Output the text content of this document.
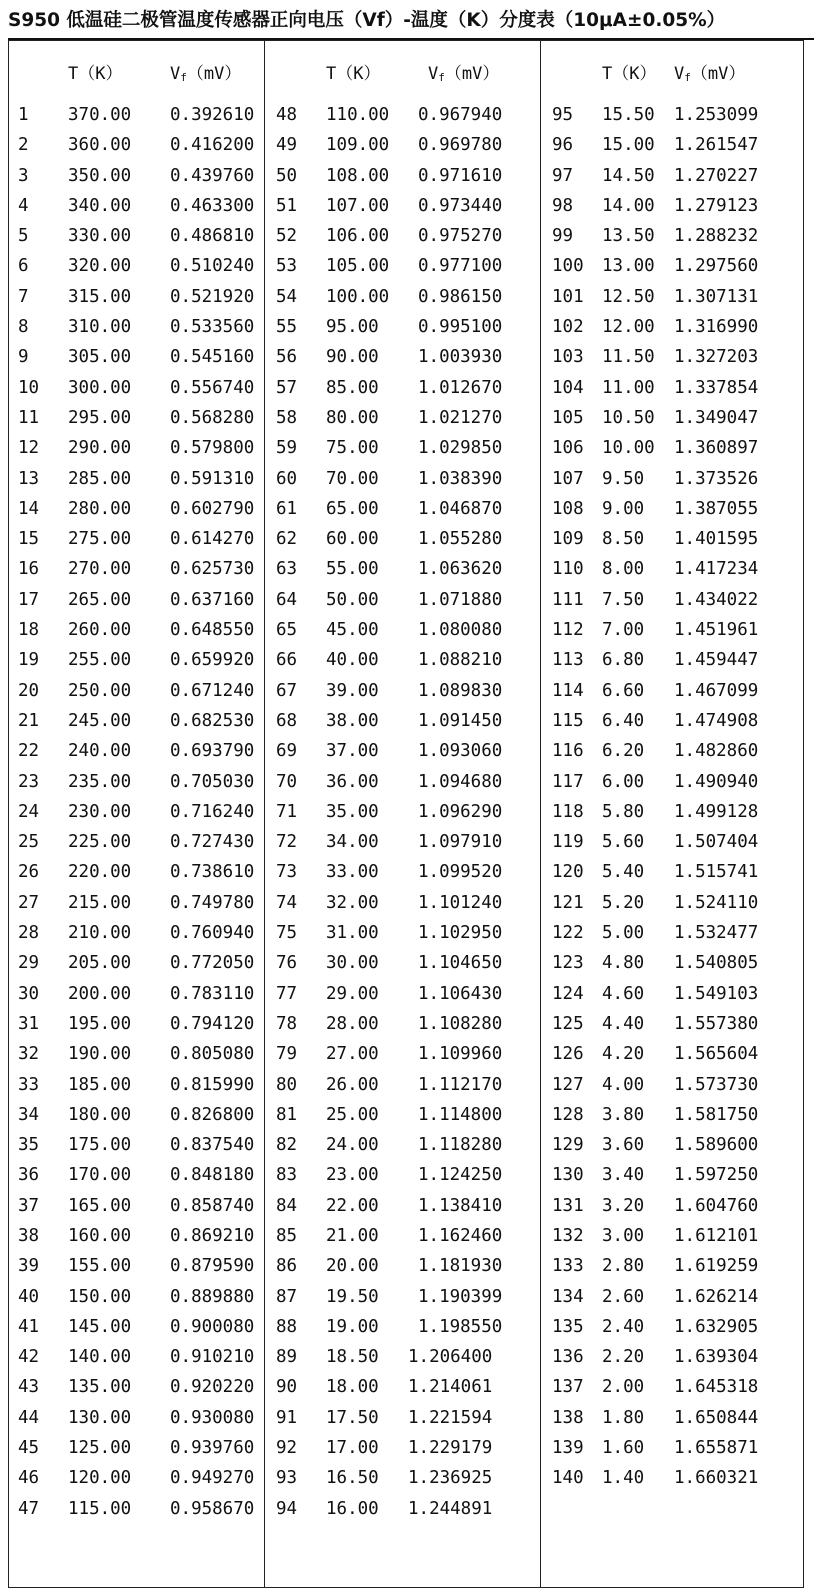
S950 低温硅二极管温度传感器正向电压（Vf）-温度（K）分度表（10μA±0.05%）
T（K）	Vf（mV）
1 370.00 0.392610
2 360.00 0.416200
3 350.00 0.439760
4 340.00 0.463300
5 330.00 0.486810
6 320.00 0.510240
7 315.00 0.521920
8 310.00 0.533560
9 305.00 0.545160
10 300.00 0.556740
11 295.00 0.568280
12 290.00 0.579800
13 285.00 0.591310
14 280.00 0.602790
15 275.00 0.614270
16 270.00 0.625730
17 265.00 0.637160
18 260.00 0.648550
19 255.00 0.659920
20 250.00 0.671240
21 245.00 0.682530
22 240.00 0.693790
23 235.00 0.705030
24 230.00 0.716240
25 225.00 0.727430
26 220.00 0.738610
27 215.00 0.749780
28 210.00 0.760940
29 205.00 0.772050
30 200.00 0.783110
31 195.00 0.794120
32 190.00 0.805080
33 185.00 0.815990
34 180.00 0.826800
35 175.00 0.837540
36 170.00 0.848180
37 165.00 0.858740
38 160.00 0.869210
39 155.00 0.879590
40 150.00 0.889880
41 145.00 0.900080
42 140.00 0.910210
43 135.00 0.920220
44 130.00 0.930080
45 125.00 0.939760
46 120.00 0.949270
47 115.00 0.958670
T（K）	Vf（mV）
48 110.00 0.967940
49 109.00 0.969780
50 108.00 0.971610
51 107.00 0.973440
52 106.00 0.975270
53 105.00 0.977100
54 100.00 0.986150
55 95.00 0.995100
56 90.00 1.003930
57 85.00 1.012670
58 80.00 1.021270
59 75.00 1.029850
60 70.00 1.038390
61 65.00 1.046870
62 60.00 1.055280
63 55.00 1.063620
64 50.00 1.071880
65 45.00 1.080080
66 40.00 1.088210
67 39.00 1.089830
68 38.00 1.091450
69 37.00 1.093060
70 36.00 1.094680
71 35.00 1.096290
72 34.00 1.097910
73 33.00 1.099520
74 32.00 1.101240
75 31.00 1.102950
76 30.00 1.104650
77 29.00 1.106430
78 28.00 1.108280
79 27.00 1.109960
80 26.00 1.112170
81 25.00 1.114800
82 24.00 1.118280
83 23.00 1.124250
84 22.00 1.138410
85 21.00 1.162460
86 20.00 1.181930
87 19.50 1.190399
88 19.00 1.198550
89 18.50 1.206400
90 18.00 1.214061
91 17.50 1.221594
92 17.00 1.229179
93 16.50 1.236925
94 16.00 1.244891
T（K） Vf（mV）
95 15.50 1.253099
96 15.00 1.261547
97 14.50 1.270227
98 14.00 1.279123
99 13.50 1.288232
100 13.00 1.297560
101 12.50 1.307131
102 12.00 1.316990
103 11.50 1.327203
104 11.00 1.337854
105 10.50 1.349047
106 10.00 1.360897
107 9.50 1.373526
108 9.00 1.387055
109 8.50 1.401595
110 8.00 1.417234
111 7.50 1.434022
112 7.00 1.451961
113 6.80 1.459447
114 6.60 1.467099
115 6.40 1.474908
116 6.20 1.482860
117 6.00 1.490940
118 5.80 1.499128
119 5.60 1.507404
120 5.40 1.515741
121 5.20 1.524110
122 5.00 1.532477
123 4.80 1.540805
124 4.60 1.549103
125 4.40 1.557380
126 4.20 1.565604
127 4.00 1.573730
128 3.80 1.581750
129 3.60 1.589600
130 3.40 1.597250
131 3.20 1.604760
132 3.00 1.612101
133 2.80 1.619259
134 2.60 1.626214
135 2.40 1.632905
136 2.20 1.639304
137 2.00 1.645318
138 1.80 1.650844
139 1.60 1.655871
140 1.40 1.660321
